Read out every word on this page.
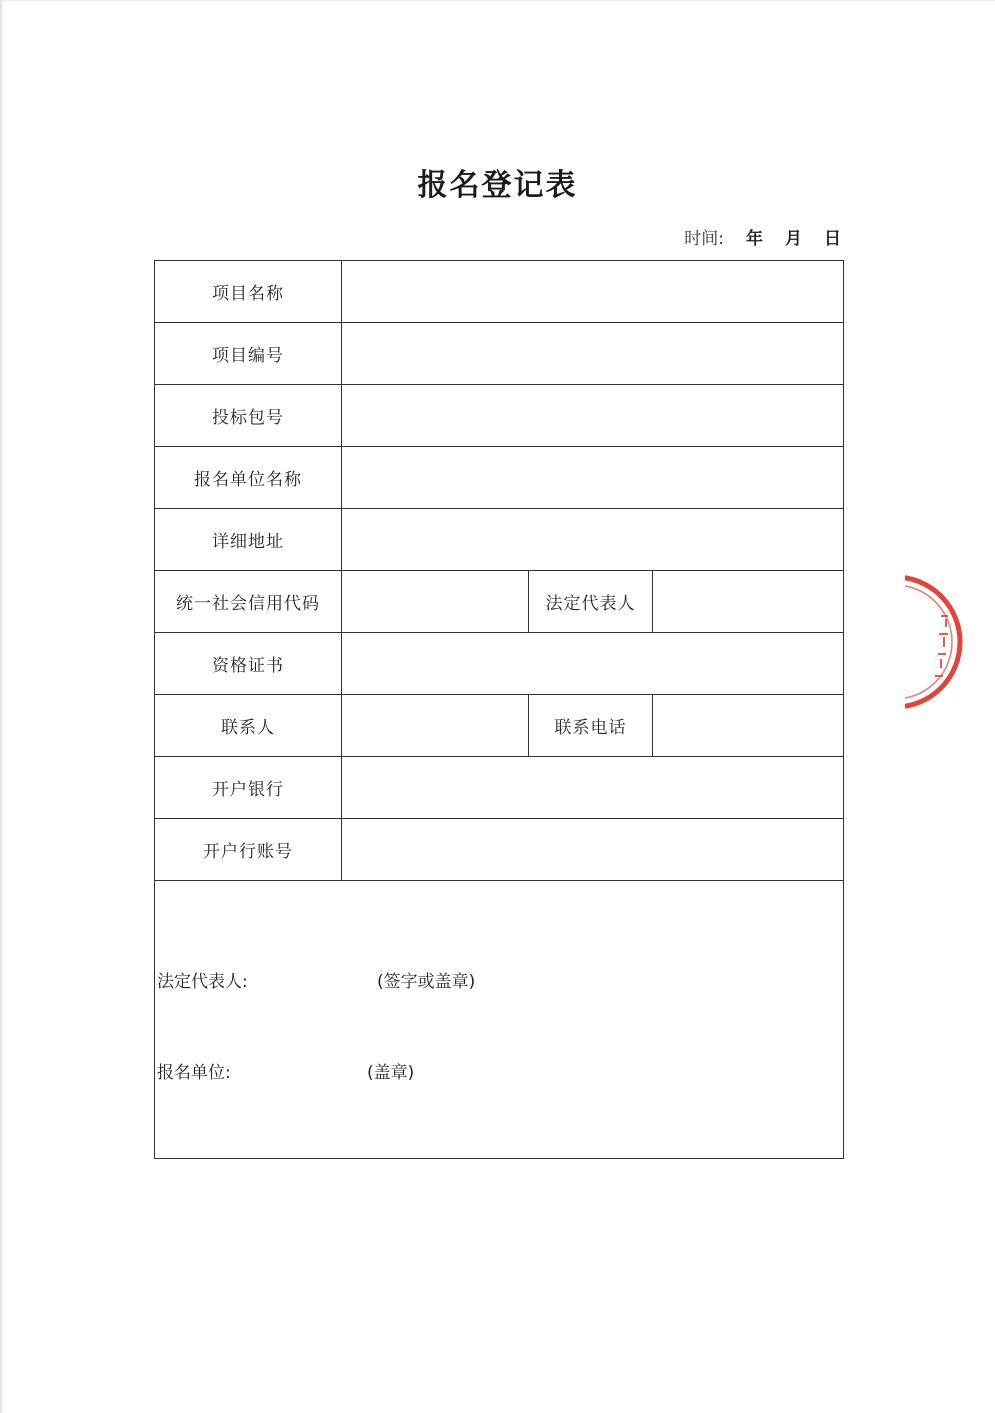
报名登记表
时间: 年 月 日
项目名称			
项目编号			
投标包号			
报名单位名称			
详细地址			
统一社会信用代码		法定代表人	
资格证书			
联系人		联系电话	
开户银行			
开户行账号			

法定代表人: (签字或盖章)
报名单位: (盖章)			
